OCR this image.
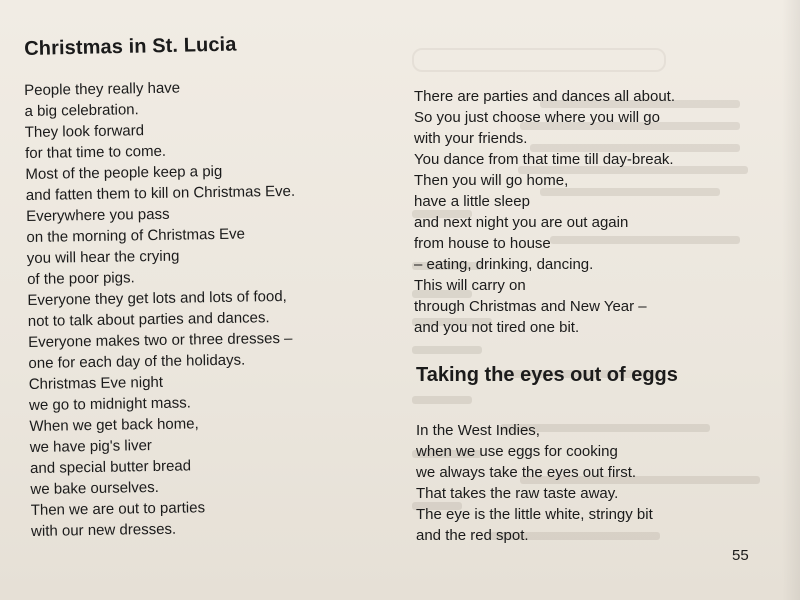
Christmas in St. Lucia
People they really have
a big celebration.
They look forward
for that time to come.
Most of the people keep a pig
and fatten them to kill on Christmas Eve.
Everywhere you pass
on the morning of Christmas Eve
you will hear the crying
of the poor pigs.
Everyone they get lots and lots of food,
not to talk about parties and dances.
Everyone makes two or three dresses –
one for each day of the holidays.
Christmas Eve night
we go to midnight mass.
When we get back home,
we have pig's liver
and special butter bread
we bake ourselves.
Then we are out to parties
with our new dresses.
There are parties and dances all about.
So you just choose where you will go
with your friends.
You dance from that time till day-break.
Then you will go home,
have a little sleep
and next night you are out again
from house to house
– eating, drinking, dancing.
This will carry on
through Christmas and New Year –
and you not tired one bit.
Taking the eyes out of eggs
In the West Indies,
when we use eggs for cooking
we always take the eyes out first.
That takes the raw taste away.
The eye is the little white, stringy bit
and the red spot.
55
